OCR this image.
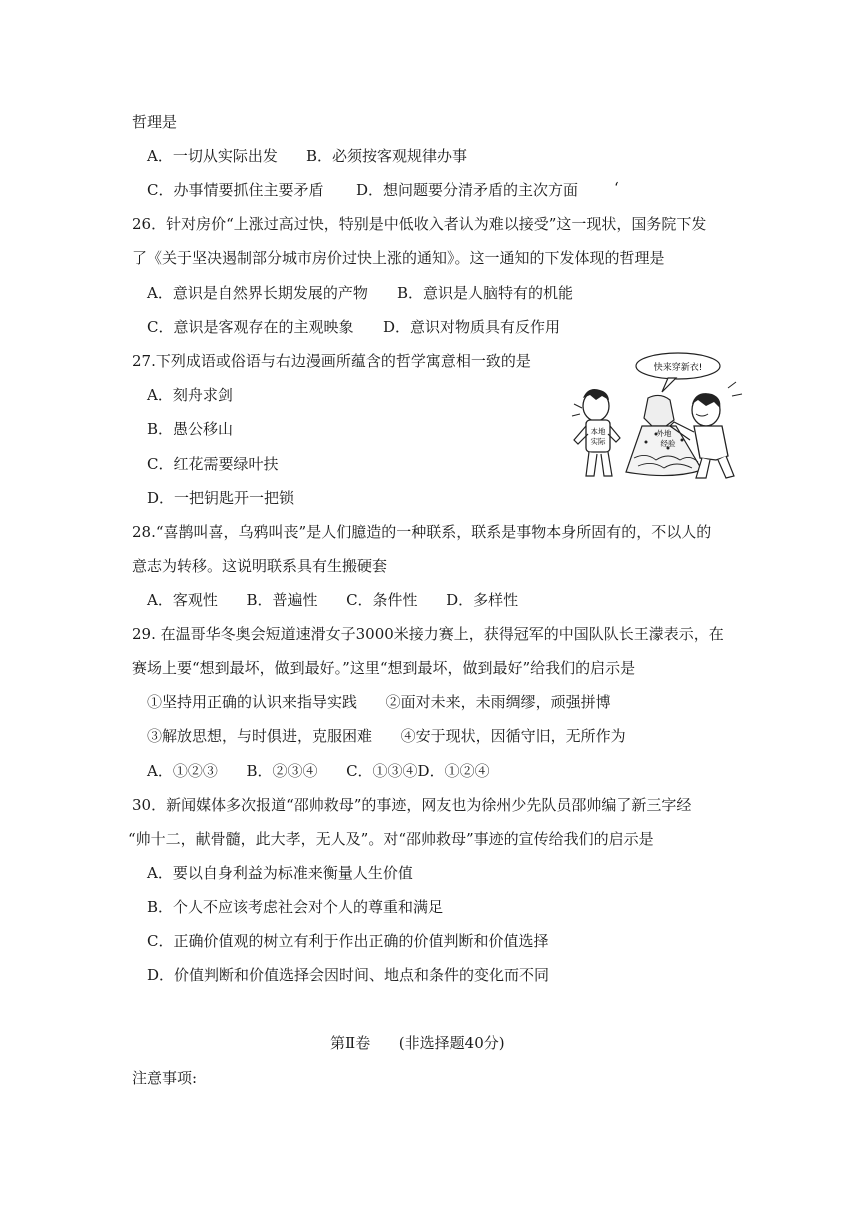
哲理是
A．一切从实际出发 B．必须按客观规律办事
C．办事情要抓住主要矛盾 D．想问题要分清矛盾的主次方面 ‘
26．针对房价“上涨过高过快，特别是中低收入者认为难以接受”这一现状，国务院下发
了《关于坚决遏制部分城市房价过快上涨的通知》。这一通知的下发体现的哲理是
A．意识是自然界长期发展的产物 B．意识是人脑特有的机能
C．意识是客观存在的主观映象 D．意识对物质具有反作用
27.下列成语或俗语与右边漫画所蕴含的哲学寓意相一致的是
A．刻舟求剑
B．愚公移山
C．红花需要绿叶扶
D．一把钥匙开一把锁
快来穿新衣!
本地
实际
外地
经验
28.“喜鹊叫喜，乌鸦叫丧”是人们臆造的一种联系，联系是事物本身所固有的，不以人的
意志为转移。这说明联系具有生搬硬套
A．客观性      B．普遍性      C．条件性      D．多样性
29. 在温哥华冬奥会短道速滑女子3000米接力赛上，获得冠军的中国队队长王濛表示，在
赛场上要“想到最坏，做到最好。”这里“想到最坏，做到最好”给我们的启示是
①坚持用正确的认识来指导实践      ②面对未来，未雨绸缪，顽强拼博
③解放思想，与时俱进，克服困难      ④安于现状，因循守旧，无所作为
A．①②③      B．②③④      C．①③④D．①②④
30．新闻媒体多次报道“邵帅救母”的事迹，网友也为徐州少先队员邵帅编了新三字经
“帅十二，献骨髓，此大孝，无人及”。对“邵帅救母”事迹的宣传给我们的启示是
A．要以自身利益为标准来衡量人生价值
B．个人不应该考虑社会对个人的尊重和满足
C．正确价值观的树立有利于作出正确的价值判断和价值选择
D．价值判断和价值选择会因时间、地点和条件的变化而不同
第Ⅱ卷      (非选择题40分)
注意事项:
